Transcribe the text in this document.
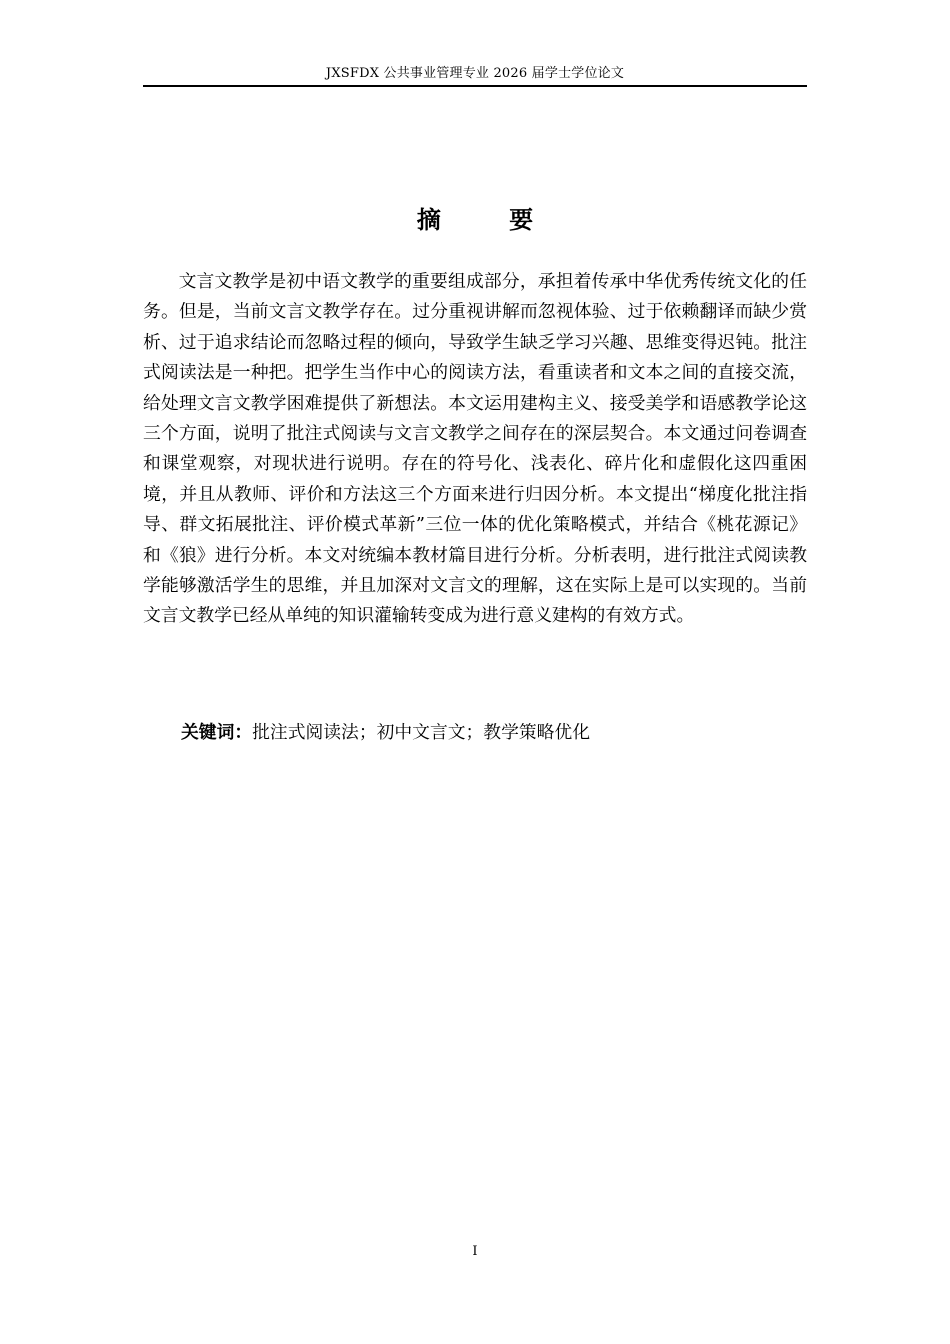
JXSFDX 公共事业管理专业 2026 届学士学位论文
摘 要

文言文教学是初中语文教学的重要组成部分，承担着传承中华优秀传统文化的任务。但是，当前文言文教学存在。过分重视讲解而忽视体验、过于依赖翻译而缺少赏析、过于追求结论而忽略过程的倾向，导致学生缺乏学习兴趣、思维变得迟钝。批注式阅读法是一种把。把学生当作中心的阅读方法，看重读者和文本之间的直接交流，给处理文言文教学困难提供了新想法。本文运用建构主义、接受美学和语感教学论这三个方面，说明了批注式阅读与文言文教学之间存在的深层契合。本文通过问卷调查和课堂观察，对现状进行说明。存在的符号化、浅表化、碎片化和虚假化这四重困境，并且从教师、评价和方法这三个方面来进行归因分析。本文提出“梯度化批注指导、群文拓展批注、评价模式革新”三位一体的优化策略模式，并结合《桃花源记》和《狼》进行分析。本文对统编本教材篇目进行分析。分析表明，进行批注式阅读教学能够激活学生的思维，并且加深对文言文的理解，这在实际上是可以实现的。当前文言文教学已经从单纯的知识灌输转变成为进行意义建构的有效方式。

关键词：批注式阅读法；初中文言文；教学策略优化
I
